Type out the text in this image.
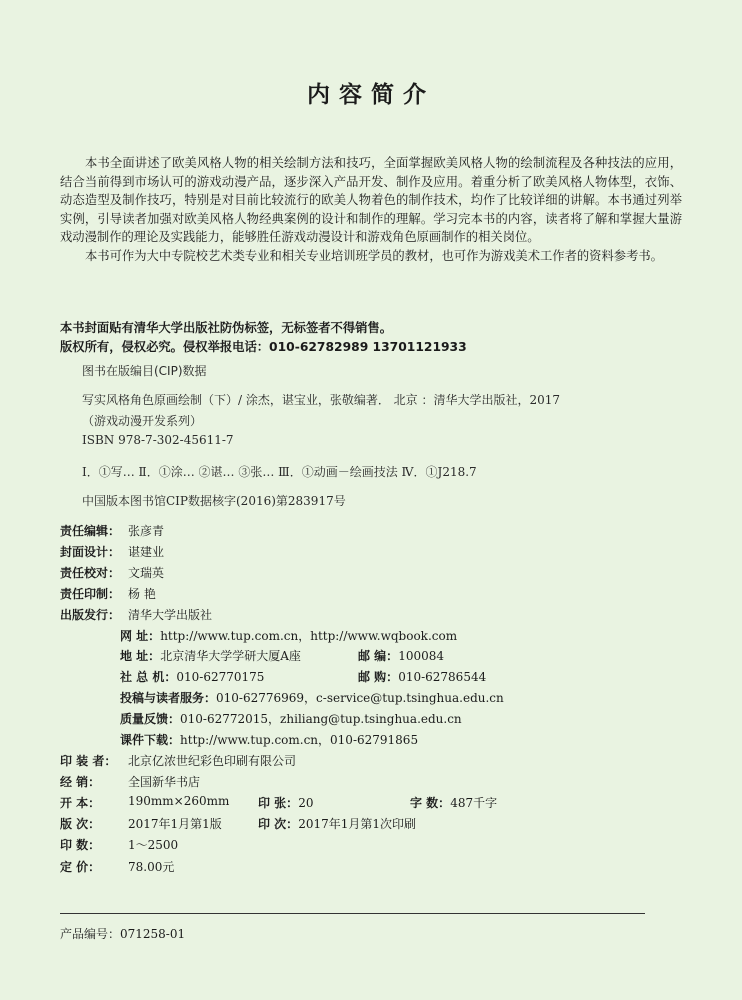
内容简介

本书全面讲述了欧美风格人物的相关绘制方法和技巧，全面掌握欧美风格人物的绘制流程及各种技法的应用，结合当前得到市场认可的游戏动漫产品，逐步深入产品开发、制作及应用。着重分析了欧美风格人物体型，衣饰、动态造型及制作技巧，特别是对目前比较流行的欧美人物着色的制作技术，均作了比较详细的讲解。本书通过列举实例，引导读者加强对欧美风格人物经典案例的设计和制作的理解。学习完本书的内容，读者将了解和掌握大量游戏动漫制作的理论及实践能力，能够胜任游戏动漫设计和游戏角色原画制作的相关岗位。

本书可作为大中专院校艺术类专业和相关专业培训班学员的教材，也可作为游戏美术工作者的资料参考书。

本书封面贴有清华大学出版社防伪标签，无标签者不得销售。
版权所有，侵权必究。侵权举报电话：010-62782989 13701121933
图书在版编目(CIP)数据
写实风格角色原画绘制（下）/ 涂杰，谌宝业，张敬编著． 北京 ：清华大学出版社，2017
（游戏动漫开发系列）
ISBN 978-7-302-45611-7
Ⅰ．①写… Ⅱ．①涂… ②谌… ③张… Ⅲ．①动画－绘画技法 Ⅳ．①J218.7
中国版本图书馆CIP数据核字(2016)第283917号
责任编辑： 张彦青
封面设计： 谌建业
责任校对： 文瑞英
责任印制： 杨 艳
出版发行： 清华大学出版社
网 址：http://www.tup.com.cn，http://www.wqbook.com
地 址：北京清华大学学研大厦A座	邮 编：100084
社 总 机：010-62770175	邮 购：010-62786544
投稿与读者服务：010-62776969，c-service@tup.tsinghua.edu.cn
质量反馈：010-62772015，zhiliang@tup.tsinghua.edu.cn
课件下载：http://www.tup.com.cn，010-62791865
印 装 者： 北京亿浓世纪彩色印刷有限公司
经 销： 全国新华书店
开 本： 190mm×260mm 印 张：20	字 数：487千字
版 次： 2017年1月第1版	印 次：2017年1月第1次印刷
印 数： 1～2500
定 价： 78.00元
产品编号：071258-01
